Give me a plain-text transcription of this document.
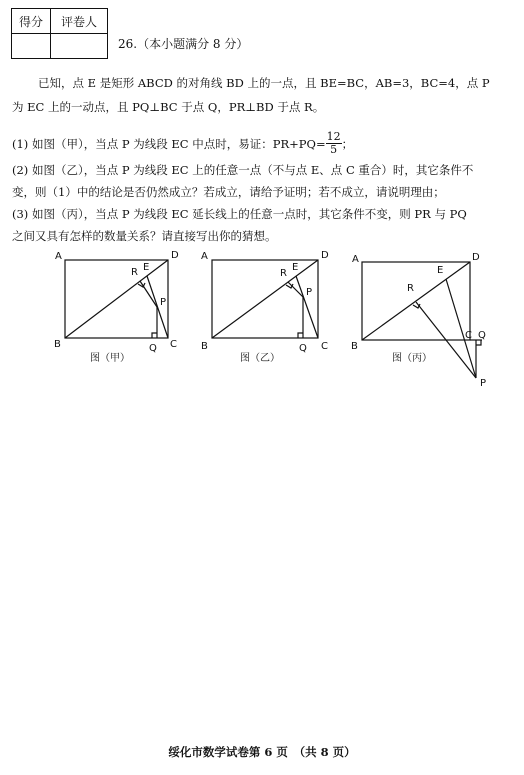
得分	评卷人

26.（本小题满分 8 分）
已知，点 E 是矩形 ABCD 的对角线 BD 上的一点，且 BE=BC，AB=3，BC=4，点 P
为 EC 上的一动点，且 PQ⊥BC 于点 Q，PR⊥BD 于点 R。
(1) 如图（甲），当点 P 为线段 EC 中点时，易证：$PR+PQ= \frac{12}{5}$ ；
(2) 如图（乙），当点 P 为线段 EC 上的任意一点（不与点 E、点 C 重合）时，其它条件不
变，则（1）中的结论是否仍然成立？若成立，请给予证明；若不成立，请说明理由；
(3) 如图（丙），当点 P 为线段 EC 延长线上的任意一点时，其它条件不变，则 PR 与 PQ
之间又具有怎样的数量关系？请直接写出你的猜想。
A
B	C
D
E
P
Q
R
A
B	C
D
E
P
Q
R
A
B
C
D
E
P
Q
R
图（甲）	图（乙）	图（丙）
绥化市数学试卷第 6 页　（共 8 页）
